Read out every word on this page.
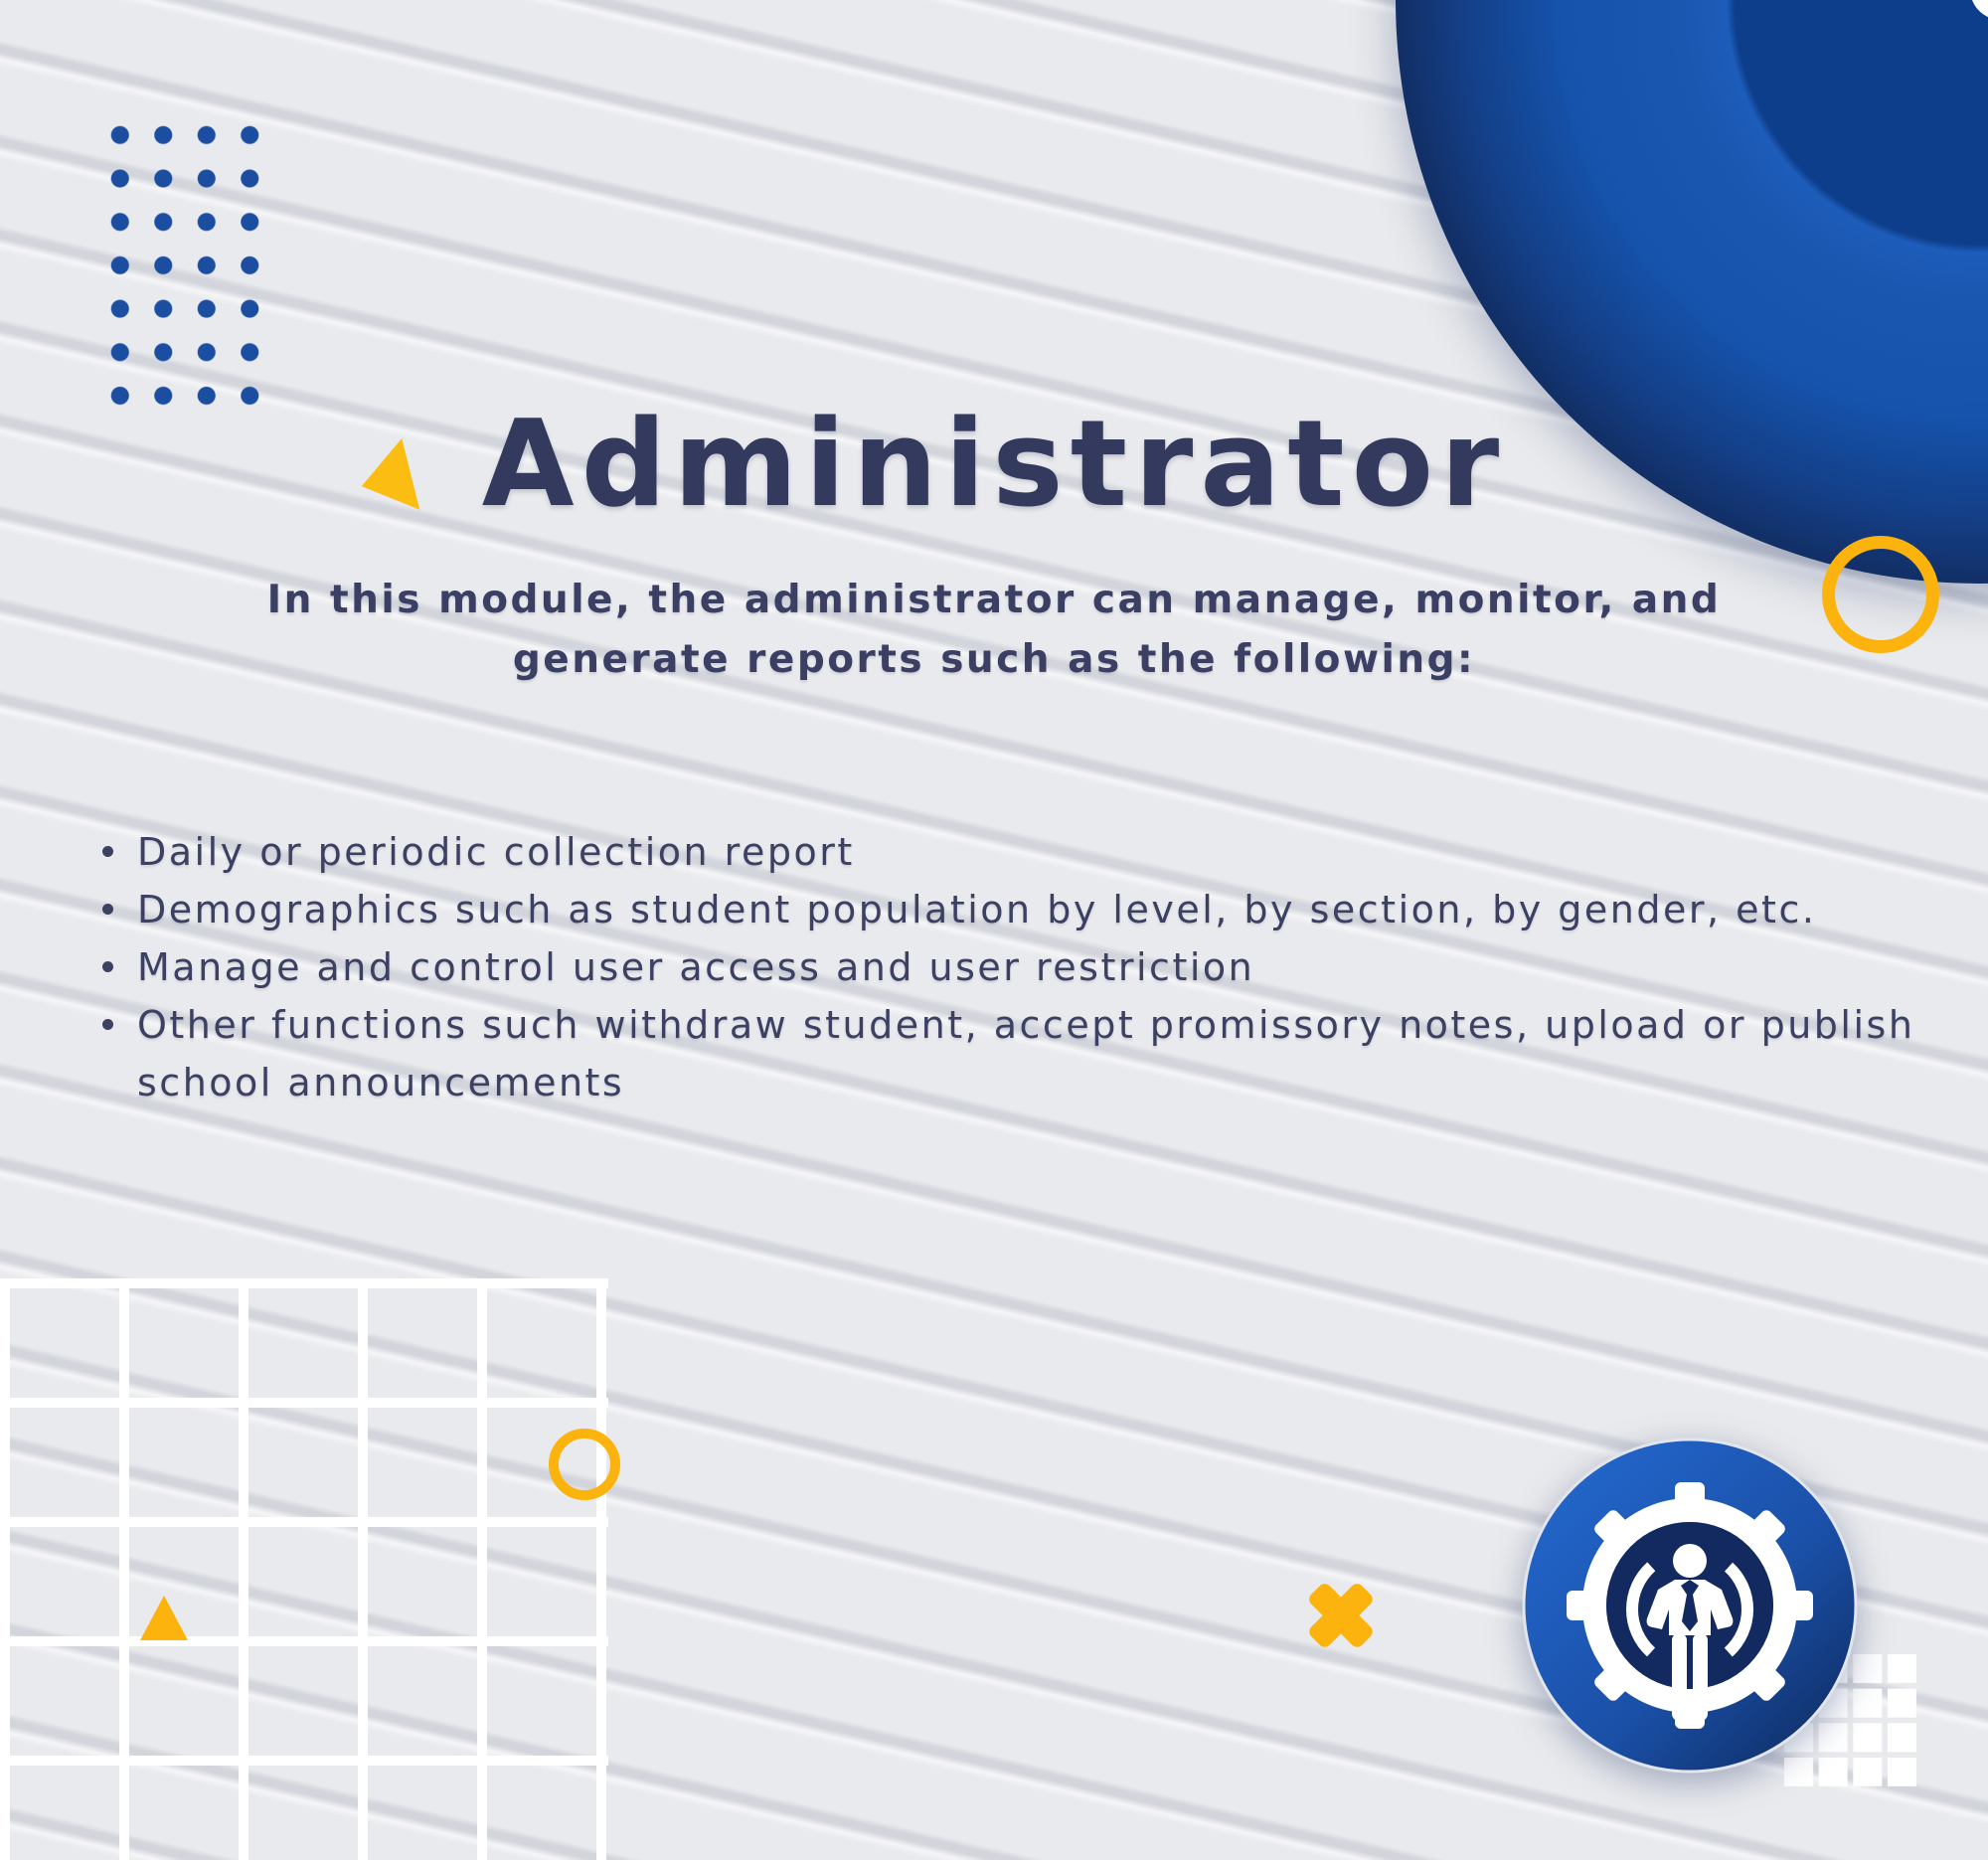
Administrator
In this module, the administrator can manage, monitor, and
generate reports such as the following:
Daily or periodic collection report
Demographics such as student population by level, by section, by gender, etc.
Manage and control user access and user restriction
Other functions such withdraw student, accept promissory notes, upload or publish school announcements
